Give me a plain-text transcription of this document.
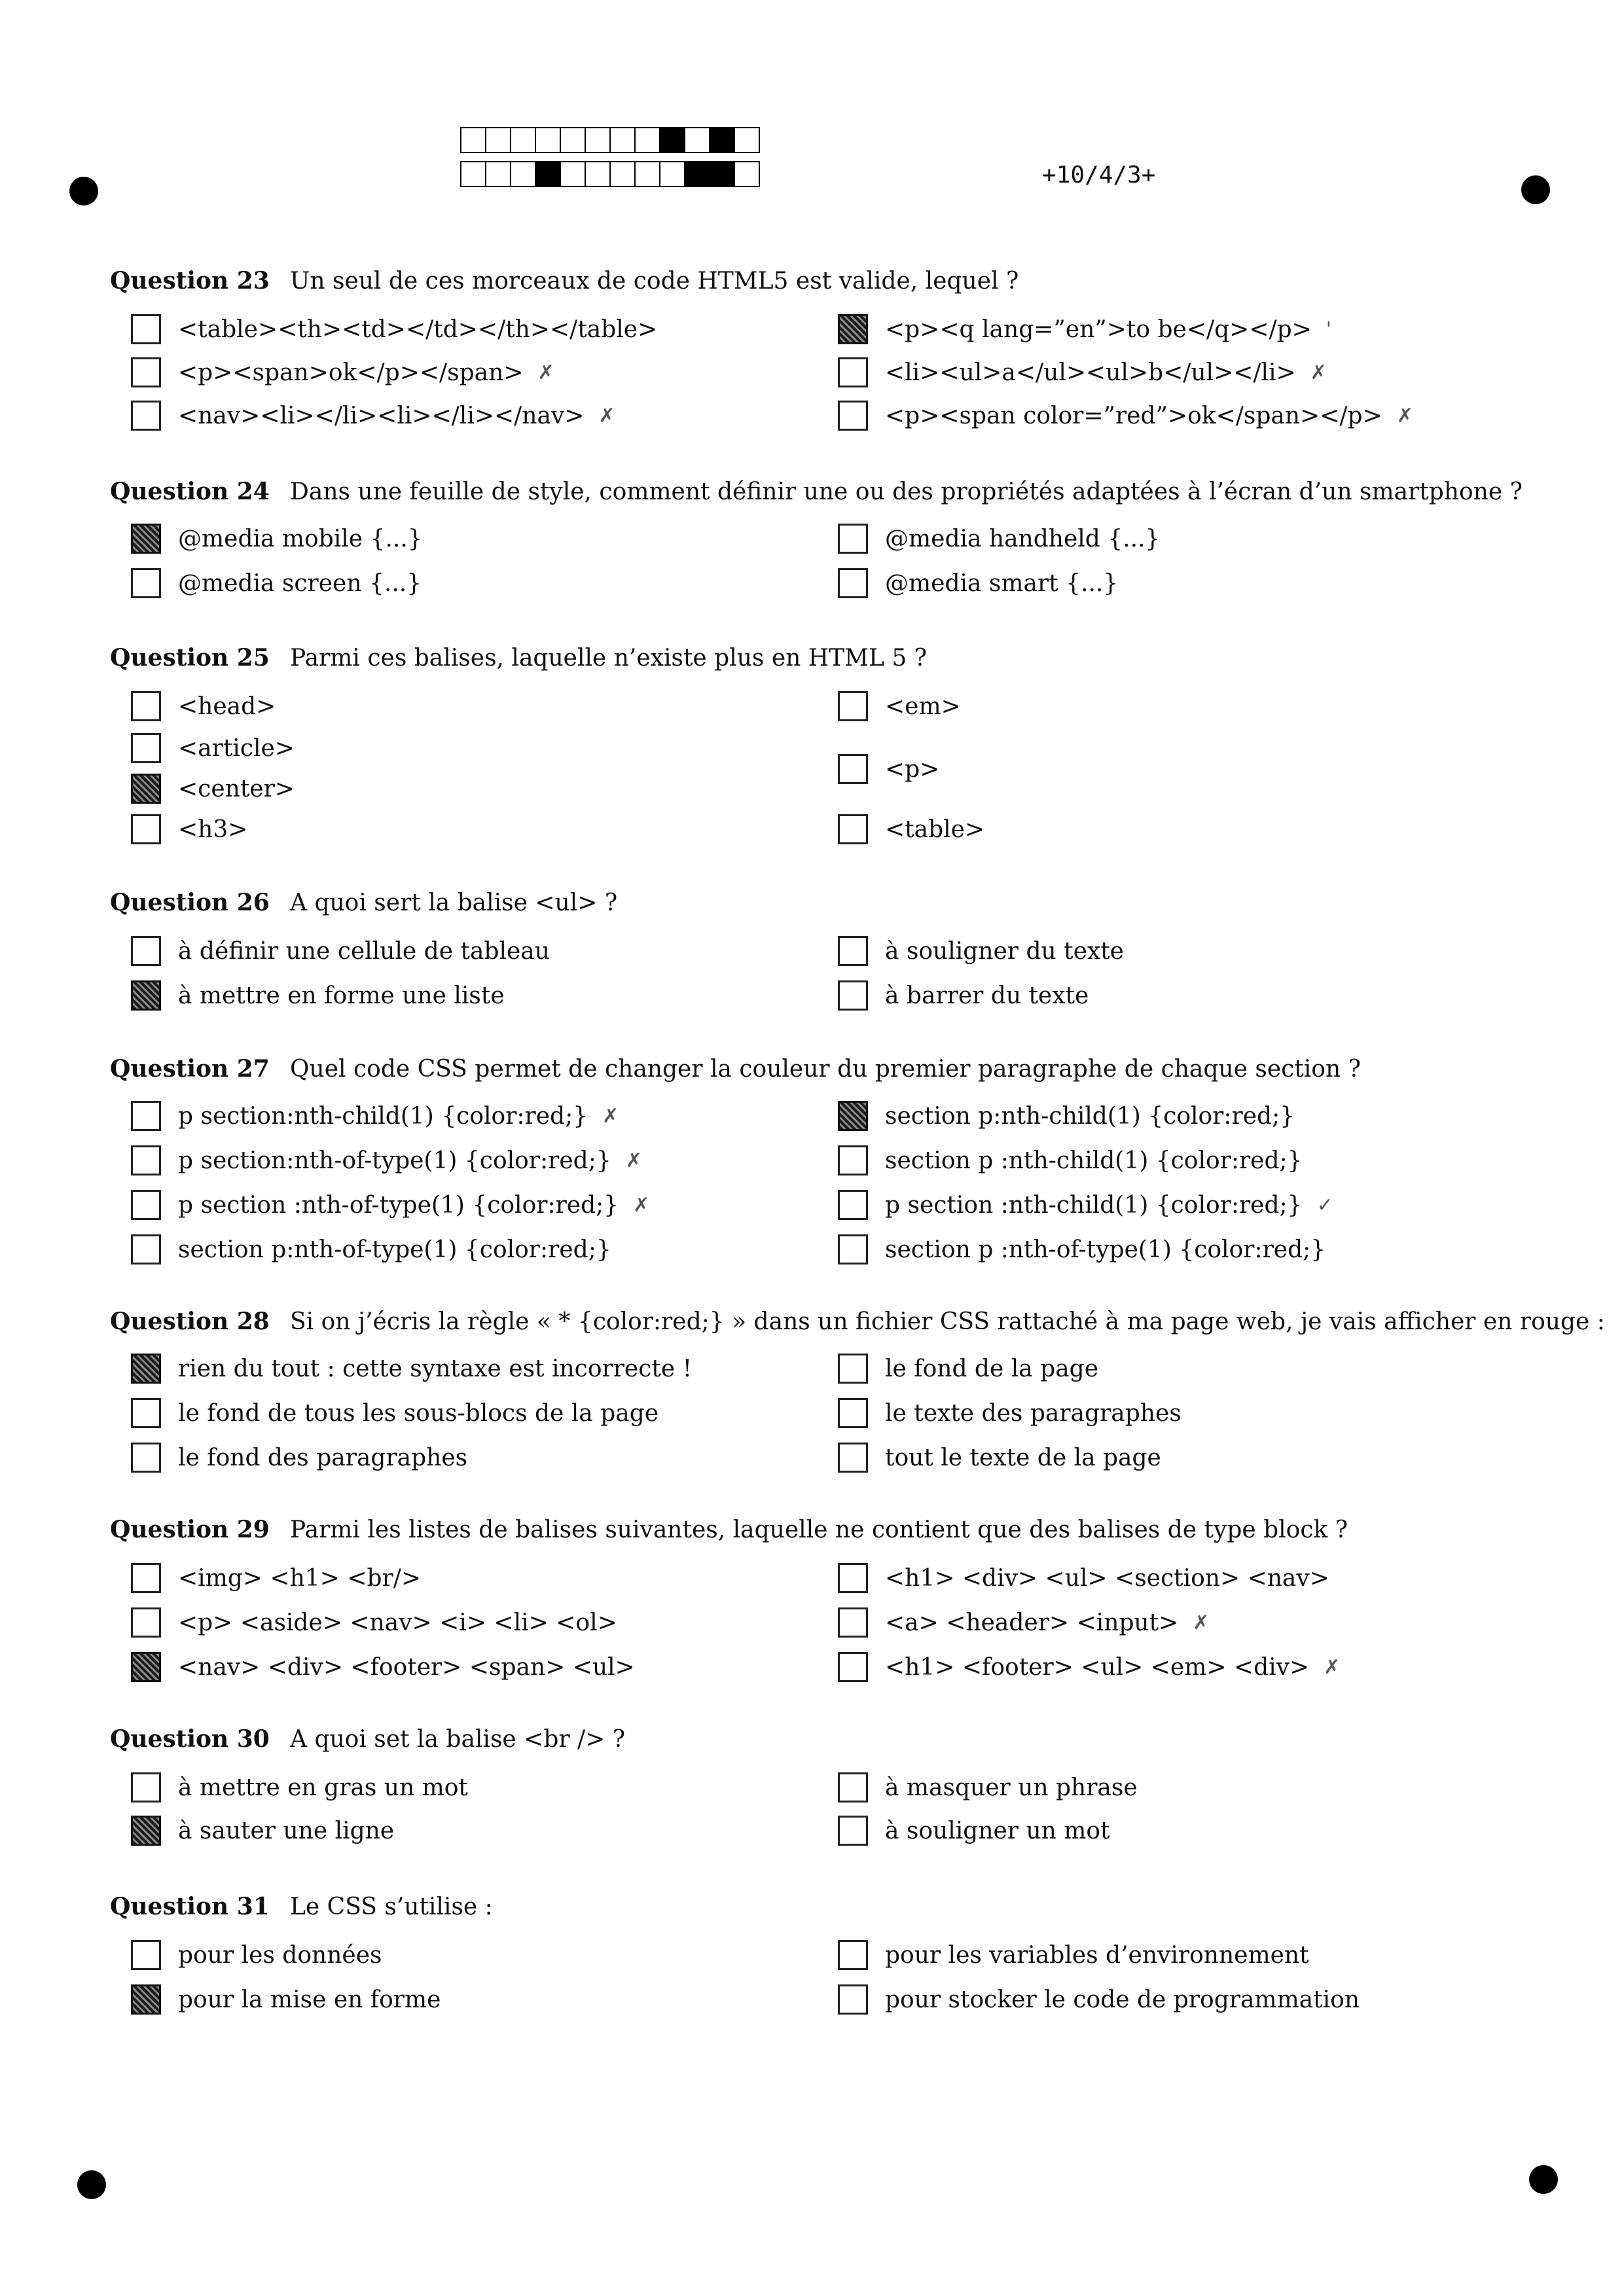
+10/4/3+
Question 23 Un seul de ces morceaux de code HTML5 est valide, lequel ?
<table><th><td></td></th></table>
<p><span>ok</p></span> ✗
<nav><li></li><li></li></nav> ✗
<p><q lang=”en”>to be</q></p> '
<li><ul>a</ul><ul>b</ul></li> ✗
<p><span color=”red”>ok</span></p> ✗
Question 24 Dans une feuille de style, comment définir une ou des propriétés adaptées à l’écran d’un smartphone ?
@media mobile {...}
@media screen {...}
@media handheld {...}
@media smart {...}
Question 25 Parmi ces balises, laquelle n’existe plus en HTML 5 ?
<head>
<article>
<center>
<h3>
<em>
<p>
<table>
Question 26 A quoi sert la balise <ul> ?
à définir une cellule de tableau
à mettre en forme une liste
à souligner du texte
à barrer du texte
Question 27 Quel code CSS permet de changer la couleur du premier paragraphe de chaque section ?
p section:nth-child(1) {color:red;} ✗
p section:nth-of-type(1) {color:red;} ✗
p section :nth-of-type(1) {color:red;} ✗
section p:nth-of-type(1) {color:red;}
section p:nth-child(1) {color:red;}
section p :nth-child(1) {color:red;}
p section :nth-child(1) {color:red;} ✓
section p :nth-of-type(1) {color:red;}
Question 28 Si on j’écris la règle « * {color:red;} » dans un fichier CSS rattaché à ma page web, je vais afficher en rouge :
rien du tout : cette syntaxe est incorrecte !
le fond de tous les sous-blocs de la page
le fond des paragraphes
le fond de la page
le texte des paragraphes
tout le texte de la page
Question 29 Parmi les listes de balises suivantes, laquelle ne contient que des balises de type block ?
<img> <h1> <br/>
<p> <aside> <nav> <i> <li> <ol>
<nav> <div> <footer> <span> <ul>
<h1> <div> <ul> <section> <nav>
<a> <header> <input> ✗
<h1> <footer> <ul> <em> <div> ✗
Question 30 A quoi set la balise <br /> ?
à mettre en gras un mot
à sauter une ligne
à masquer un phrase
à souligner un mot
Question 31 Le CSS s’utilise :
pour les données
pour la mise en forme
pour les variables d’environnement
pour stocker le code de programmation
